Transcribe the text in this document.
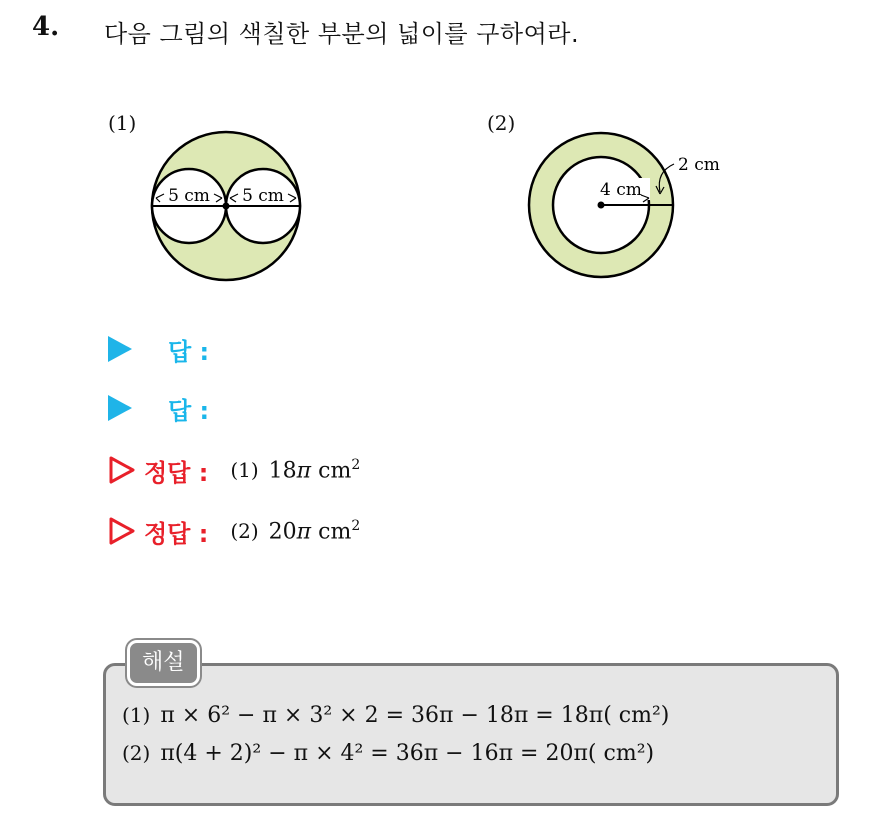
4. 다음 그림의 색칠한 부분의 넓이를 구하여라.
(1)
5 cm 5 cm
(2)
4 cm
2 cm
답 :
답 :
정답 : (1) 18π $cm^2$
정답 : (2) 20π $cm^2$
해설
(1) π × 6² − π × 3² × 2 = 36π − 18π = 18π( cm²)
(2) π(4 + 2)² − π × 4² = 36π − 16π = 20π( cm²)
